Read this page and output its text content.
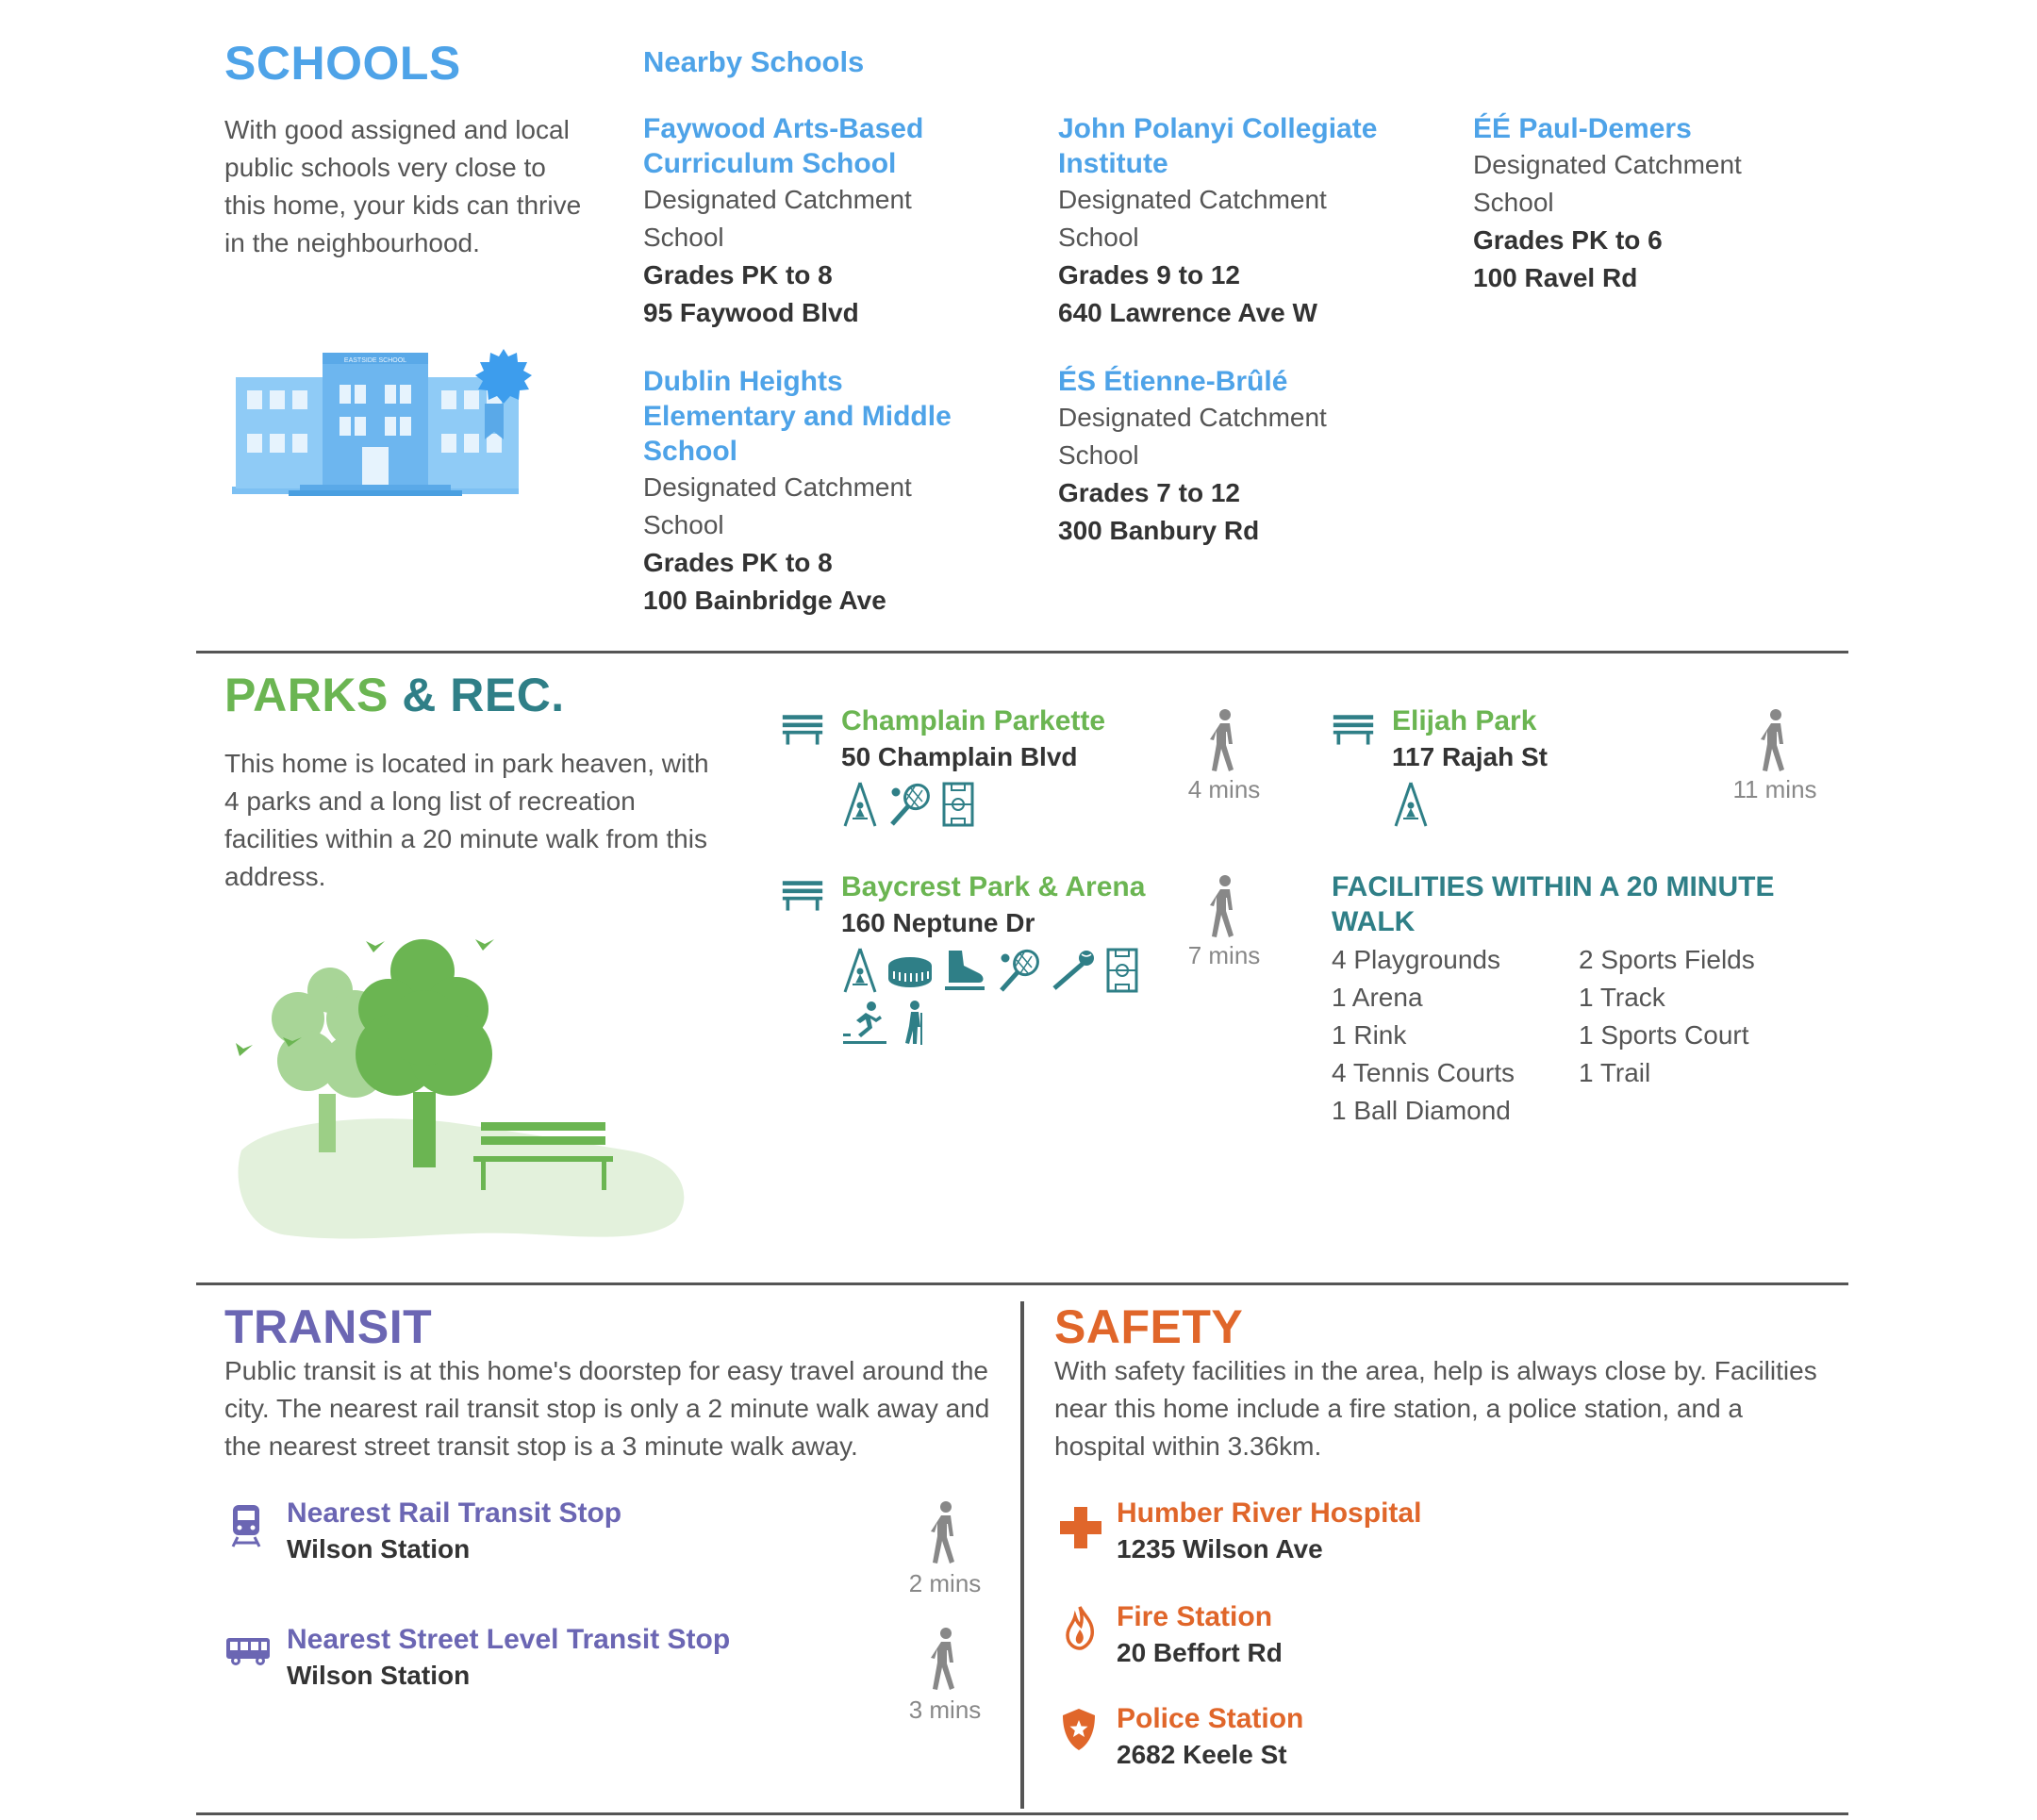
SCHOOLS
With good assigned and local public schools very close to this home, your kids can thrive in the neighbourhood.
EASTSIDE SCHOOL
Nearby Schools
Faywood Arts-Based Curriculum School
Designated Catchment School
Grades PK to 8
95 Faywood Blvd
John Polanyi Collegiate Institute
Designated Catchment School
Grades 9 to 12
640 Lawrence Ave W
ÉÉ Paul-Demers
Designated Catchment School
Grades PK to 6
100 Ravel Rd
Dublin Heights Elementary and Middle School
Designated Catchment School
Grades PK to 8
100 Bainbridge Ave
ÉS Étienne-Brûlé
Designated Catchment School
Grades 7 to 12
300 Banbury Rd
PARKS & REC.
This home is located in park heaven, with 4 parks and a long list of recreation facilities within a 20 minute walk from this address.
Champlain Parkette
50 Champlain Blvd
4 mins
Elijah Park
117 Rajah St
11 mins
Baycrest Park & Arena
160 Neptune Dr
7 mins
FACILITIES WITHIN A 20 MINUTE WALK
4 Playgrounds
1 Arena
1 Rink
4 Tennis Courts
1 Ball Diamond
2 Sports Fields
1 Track
1 Sports Court
1 Trail
TRANSIT
Public transit is at this home's doorstep for easy travel around the city. The nearest rail transit stop is only a 2 minute walk away and the nearest street transit stop is a 3 minute walk away.
Nearest Rail Transit Stop
Wilson Station
2 mins
Nearest Street Level Transit Stop
Wilson Station
3 mins
SAFETY
With safety facilities in the area, help is always close by. Facilities near this home include a fire station, a police station, and a hospital within 3.36km.
Humber River Hospital
1235 Wilson Ave
Fire Station
20 Beffort Rd
Police Station
2682 Keele St
